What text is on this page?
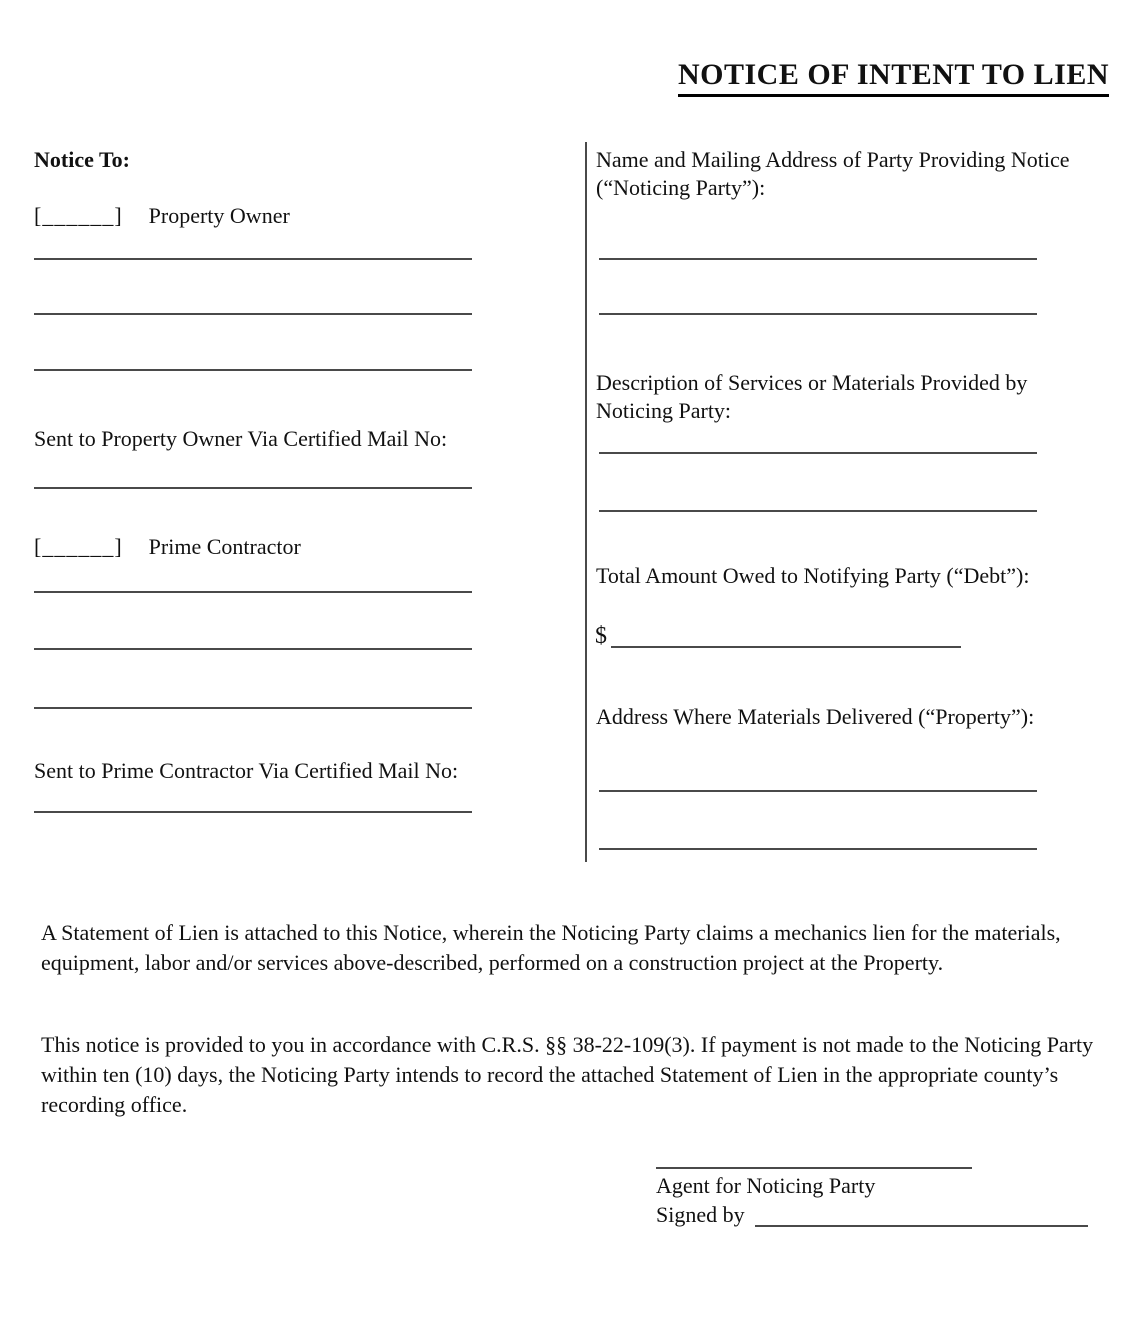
NOTICE OF INTENT TO LIEN
Notice To:
[______] Property Owner
Sent to Property Owner Via Certified Mail No:
[______] Prime Contractor
Sent to Prime Contractor Via Certified Mail No:
Name and Mailing Address of Party Providing Notice (“Noticing Party”):
Description of Services or Materials Provided by Noticing Party:
Total Amount Owed to Notifying Party (“Debt”):
$
Address Where Materials Delivered (“Property”):
A Statement of Lien is attached to this Notice, wherein the Noticing Party claims a mechanics lien for the materials, equipment, labor and/or services above-described, performed on a construction project at the Property.
This notice is provided to you in accordance with C.R.S. §§ 38-22-109(3). If payment is not made to the Noticing Party within ten (10) days, the Noticing Party intends to record the attached Statement of Lien in the appropriate county’s recording office.
Agent for Noticing Party
Signed by
